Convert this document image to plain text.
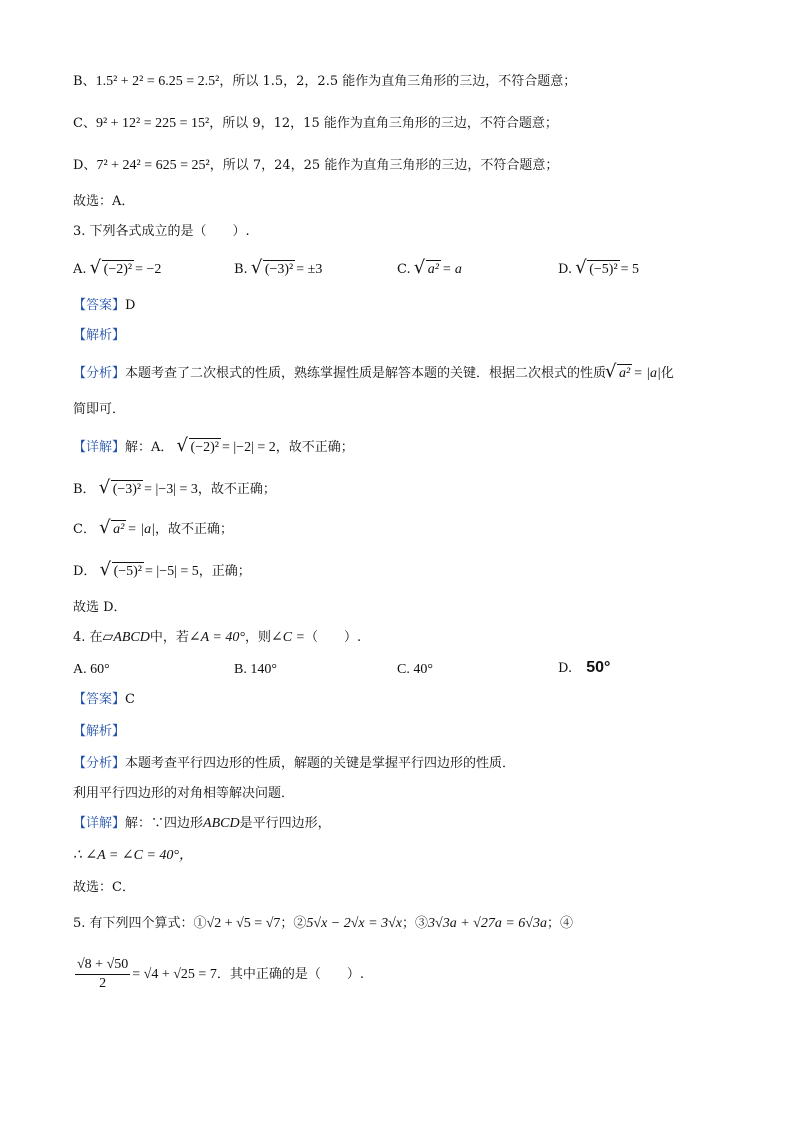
B、1.5² + 2² = 6.25 = 2.5²，所以 1.5，2，2.5 能作为直角三角形的三边，不符合题意；
C、9² + 12² = 225 = 15²，所以 9，12，15 能作为直角三角形的三边，不符合题意；
D、7² + 24² = 625 = 25²，所以 7，24，25 能作为直角三角形的三边，不符合题意；
故选：A．
3. 下列各式成立的是（　　）.
A. √ (−2)² = −2	B. √ (−3)² = ±3	C. √ a² = a	D. √ (−5)² = 5
【答案】D
【解析】
【分析】本题考查了二次根式的性质，熟练掌握性质是解答本题的关键．根据二次根式的性质 √ a² = |a|化
简即可．
【详解】解：A． √ (−2)² = |−2| = 2，故不正确；
B． √ (−3)² = |−3| = 3，故不正确；
C． √ a² = |a|，故不正确；
D． √ (−5)² = |−5| = 5，正确；
故选 D．
4. 在▱ABCD中，若∠A = 40°，则∠C =（　　）.
A. 60°	B. 140°	C. 40°	D. 50°
【答案】C
【解析】
【分析】本题考查平行四边形的性质，解题的关键是掌握平行四边形的性质．
利用平行四边形的对角相等解决问题．
【详解】解：∵四边形ABCD是平行四边形，
∴ ∠A = ∠C = 40°，
故选：C．
5. 有下列四个算式：①√2 + √5 = √7；②5√x − 2√x = 3√x；③3√3a + √27a = 6√3a；④
$\frac{√8 + √50}{2} = √4 + √25 = 7$．其中正确的是（　　）.
